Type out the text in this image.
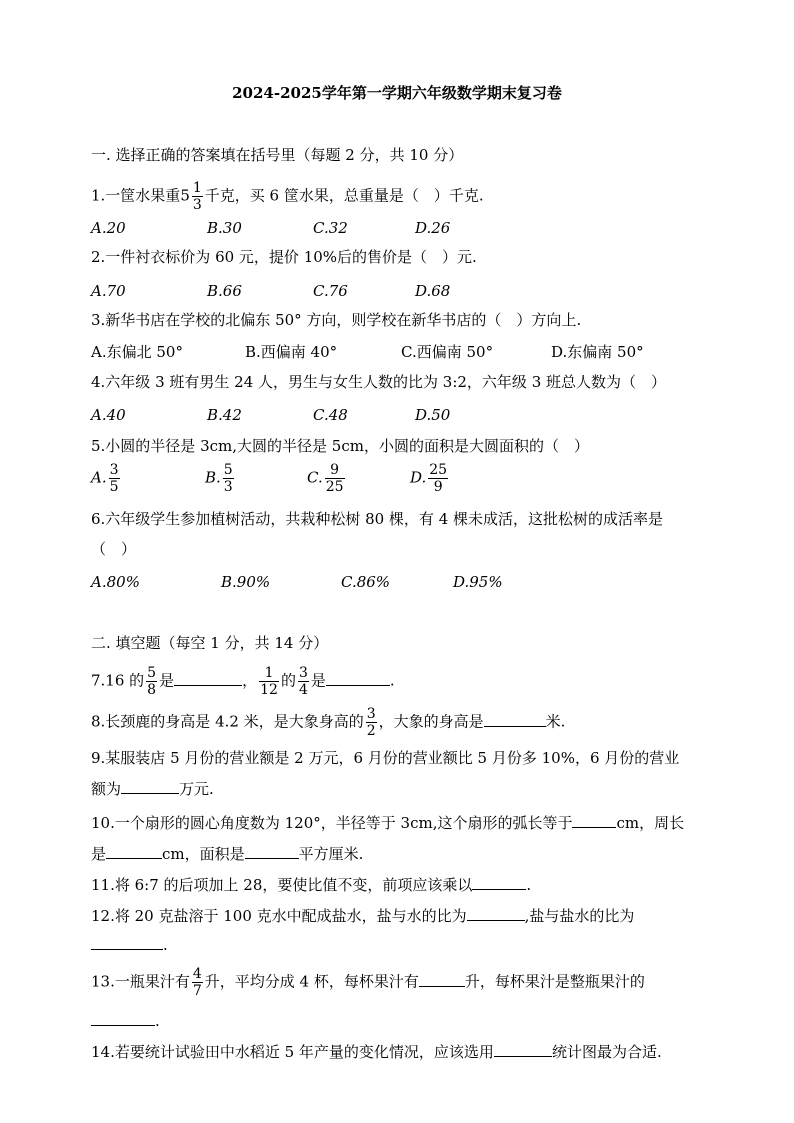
2024-2025学年第一学期六年级数学期末复习卷
一. 选择正确的答案填在括号里（每题 2 分，共 10 分）
1.一筐水果重$5 \frac{1}{3}$ 千克，买 6 筐水果，总重量是（　）千克.
A.20	B.30	C.32	D.26
2.一件衬衣标价为 60 元，提价 10%后的售价是（　）元.
A.70	B.66	C.76	D.68
3.新华书店在学校的北偏东 50° 方向，则学校在新华书店的（　）方向上.
A.东偏北 50°	B.西偏南 40°	C.西偏南 50°	D.东偏南 50°
4.六年级 3 班有男生 24 人，男生与女生人数的比为 3:2，六年级 3 班总人数为（　）
A.40	B.42	C.48	D.50
5.小圆的半径是 3cm,大圆的半径是 5cm，小圆的面积是大圆面积的（　）
A. $\frac{3}{5}$	B. $\frac{5}{3}$	C. $\frac{9}{25}$	D. $\frac{25}{9}$
6.六年级学生参加植树活动，共栽种松树 80 棵，有 4 棵未成活，这批松树的成活率是
（　）
A.80%	B.90%	C.86%	D.95%
二. 填空题（每空 1 分，共 14 分）
7.16 的 $\frac{5}{8}$ 是	， $\frac{1}{12}$ 的 $\frac{3}{4}$ 是	.
8.长颈鹿的身高是 4.2 米，是大象身高的 $\frac{3}{2}$ ，大象的身高是	米.
9.某服装店 5 月份的营业额是 2 万元，6 月份的营业额比 5 月份多 10%，6 月份的营业
额为	万元.
10.一个扇形的圆心角度数为 120°，半径等于 3cm,这个扇形的弧长等于	cm，周长
是	cm，面积是	平方厘米.
11.将 6:7 的后项加上 28，要使比值不变，前项应该乘以	.
12.将 20 克盐溶于 100 克水中配成盐水，盐与水的比为	,盐与盐水的比为
.
13.一瓶果汁有 $\frac{4}{7}$ 升，平均分成 4 杯，每杯果汁有	升，每杯果汁是整瓶果汁的
.
14.若要统计试验田中水稻近 5 年产量的变化情况，应该选用	统计图最为合适.
